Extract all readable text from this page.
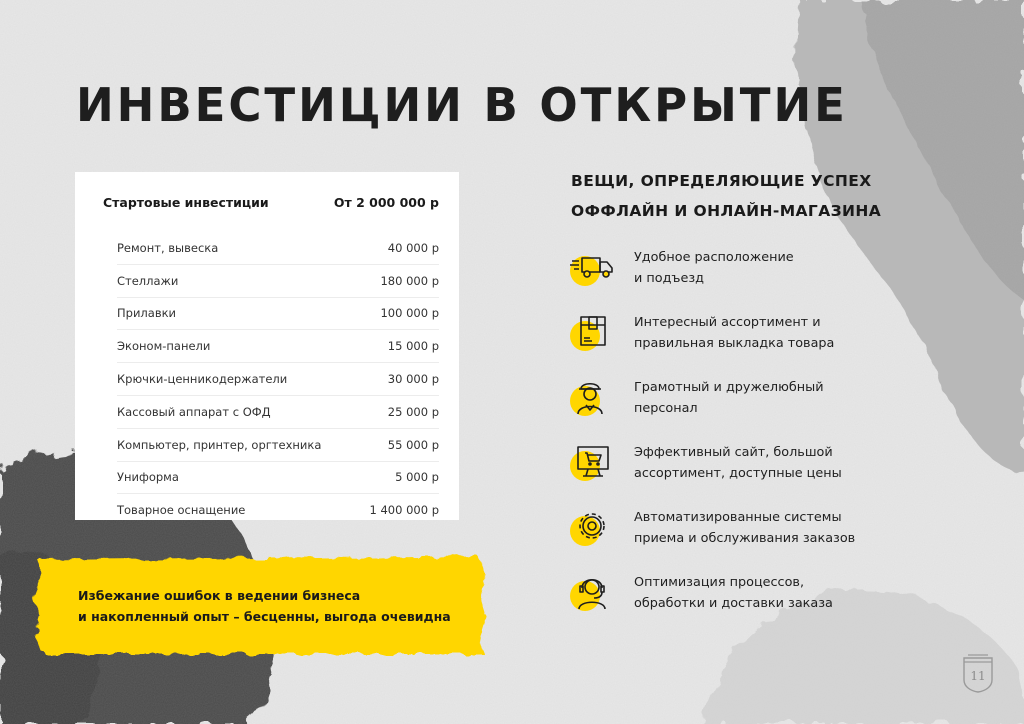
ИНВЕСТИЦИИ В ОТКРЫТИЕ
Стартовые инвестиции	От 2 000 000 р
Ремонт, вывеска	40 000 р
Стеллажи	180 000 р
Прилавки	100 000 р
Эконом-панели	15 000 р
Крючки-ценникодержатели	30 000 р
Кассовый аппарат с ОФД	25 000 р
Компьютер, принтер, оргтехника	55 000 р
Униформа	5 000 р
Товарное оснащение	1 400 000 р
Избежание ошибок в ведении бизнеса
и накопленный опыт – бесценны, выгода очевидна
ВЕЩИ, ОПРЕДЕЛЯЮЩИЕ УСПЕХ
ОФФЛАЙН И ОНЛАЙН-МАГАЗИНА
Удобное расположение
и подъезд
Интересный ассортимент и
правильная выкладка товара
Грамотный и дружелюбный
персонал
Эффективный сайт, большой
ассортимент, доступные цены
Автоматизированные системы
приема и обслуживания заказов
Оптимизация процессов,
обработки и доставки заказа
11
